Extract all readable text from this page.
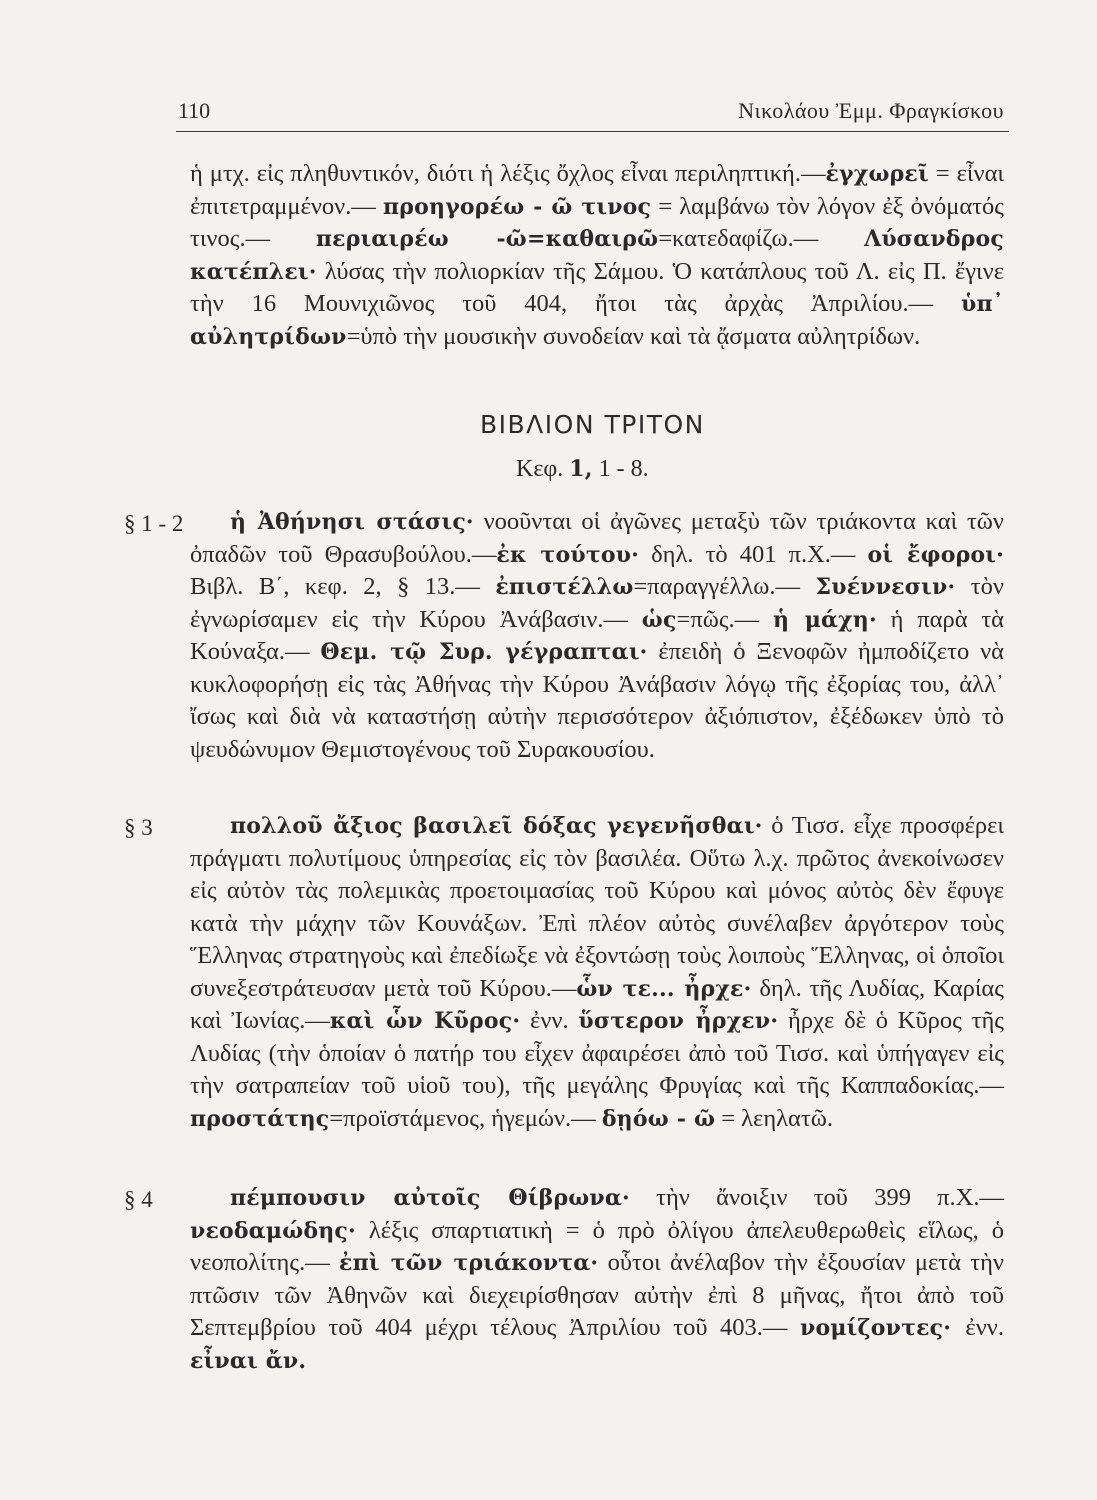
110	Νικολάου Ἐμμ. Φραγκίσκου

ἡ μτχ. εἰς πληθυντικόν, διότι ἡ λέξις ὄχλος εἶναι περιληπτική.—ἐγχωρεῖ = εἶναι ἐπιτετραμμένον.— προηγορέω - ῶ τινος = λαμβάνω τὸν λόγον ἐξ ὀνόματός τινος.— περιαιρέω -ῶ=καθαιρῶ=κατεδαφίζω.— Λύσανδρος κατέπλει· λύσας τὴν πολιορκίαν τῆς Σάμου. Ὁ κατάπλους τοῦ Λ. εἰς Π. ἔγινε τὴν 16 Μουνιχιῶνος τοῦ 404, ἤτοι τὰς ἀρχὰς Ἀπριλίου.— ὑπ᾽ αὐλητρίδων=ὑπὸ τὴν μουσικὴν συνοδείαν καὶ τὰ ᾄσματα αὐλητρίδων.

ΒΙΒΛΙΟΝ ΤΡΙΤΟΝ
Κεφ. 1, 1 - 8.
§ 1 - 2	ἡ Ἀθήνησι στάσις· νοοῦνται οἱ ἀγῶνες μεταξὺ τῶν τριάκοντα καὶ τῶν ὀπαδῶν τοῦ Θρασυβούλου.—ἐκ τούτου· δηλ. τὸ 401 π.Χ.— οἱ ἔφοροι· Βιβλ. Β΄, κεφ. 2, § 13.— ἐπιστέλλω=παραγγέλλω.— Συέννεσιν· τὸν ἐγνωρίσαμεν εἰς τὴν Κύρου Ἀνάβασιν.— ὡς=πῶς.— ἡ μάχη· ἡ παρὰ τὰ Κούναξα.— Θεμ. τῷ Συρ. γέγραπται· ἐπειδὴ ὁ Ξενοφῶν ἠμποδίζετο νὰ κυκλοφορήσῃ εἰς τὰς Ἀθήνας τὴν Κύρου Ἀνάβασιν λόγῳ τῆς ἐξορίας του, ἀλλ᾽ ἴσως καὶ διὰ νὰ καταστήσῃ αὐτὴν περισσότερον ἀξιόπιστον, ἐξέδωκεν ὑπὸ τὸ ψευδώνυμον Θεμιστογένους τοῦ Συρακουσίου.

§ 3	πολλοῦ ἄξιος βασιλεῖ δόξας γεγενῆσθαι· ὁ Τισσ. εἶχε προσφέρει πράγματι πολυτίμους ὑπηρεσίας εἰς τὸν βασιλέα. Οὕτω λ.χ. πρῶτος ἀνεκοίνωσεν εἰς αὐτὸν τὰς πολεμικὰς προετοιμασίας τοῦ Κύρου καὶ μόνος αὐτὸς δὲν ἔφυγε κατὰ τὴν μάχην τῶν Κουνάξων. Ἐπὶ πλέον αὐτὸς συνέλαβεν ἀργότερον τοὺς Ἕλληνας στρατηγοὺς καὶ ἐπεδίωξε νὰ ἐξοντώσῃ τοὺς λοιποὺς Ἕλληνας, οἱ ὁποῖοι συνεξεστράτευσαν μετὰ τοῦ Κύρου.—ὧν τε... ἦρχε· δηλ. τῆς Λυδίας, Καρίας καὶ Ἰωνίας.—καὶ ὧν Κῦρος· ἐνν. ὕστερον ἦρχεν· ἦρχε δὲ ὁ Κῦρος τῆς Λυδίας (τὴν ὁποίαν ὁ πατήρ του εἶχεν ἀφαιρέσει ἀπὸ τοῦ Τισσ. καὶ ὑπήγαγεν εἰς τὴν σατραπείαν τοῦ υἱοῦ του), τῆς μεγάλης Φρυγίας καὶ τῆς Καππαδοκίας.— προστάτης=προϊστάμενος, ἡγεμών.— δῃόω - ῶ = λεηλατῶ.

§ 4	πέμπουσιν αὐτοῖς Θίβρωνα· τὴν ἄνοιξιν τοῦ 399 π.Χ.— νεοδαμώδης· λέξις σπαρτιατικὴ = ὁ πρὸ ὀλίγου ἀπελευθερωθεὶς εἵλως, ὁ νεοπολίτης.— ἐπὶ τῶν τριάκοντα· οὗτοι ἀνέλαβον τὴν ἐξουσίαν μετὰ τὴν πτῶσιν τῶν Ἀθηνῶν καὶ διεχειρίσθησαν αὐτὴν ἐπὶ 8 μῆνας, ἤτοι ἀπὸ τοῦ Σεπτεμβρίου τοῦ 404 μέχρι τέλους Ἀπριλίου τοῦ 403.— νομίζοντες· ἐνν. εἶναι ἄν.
